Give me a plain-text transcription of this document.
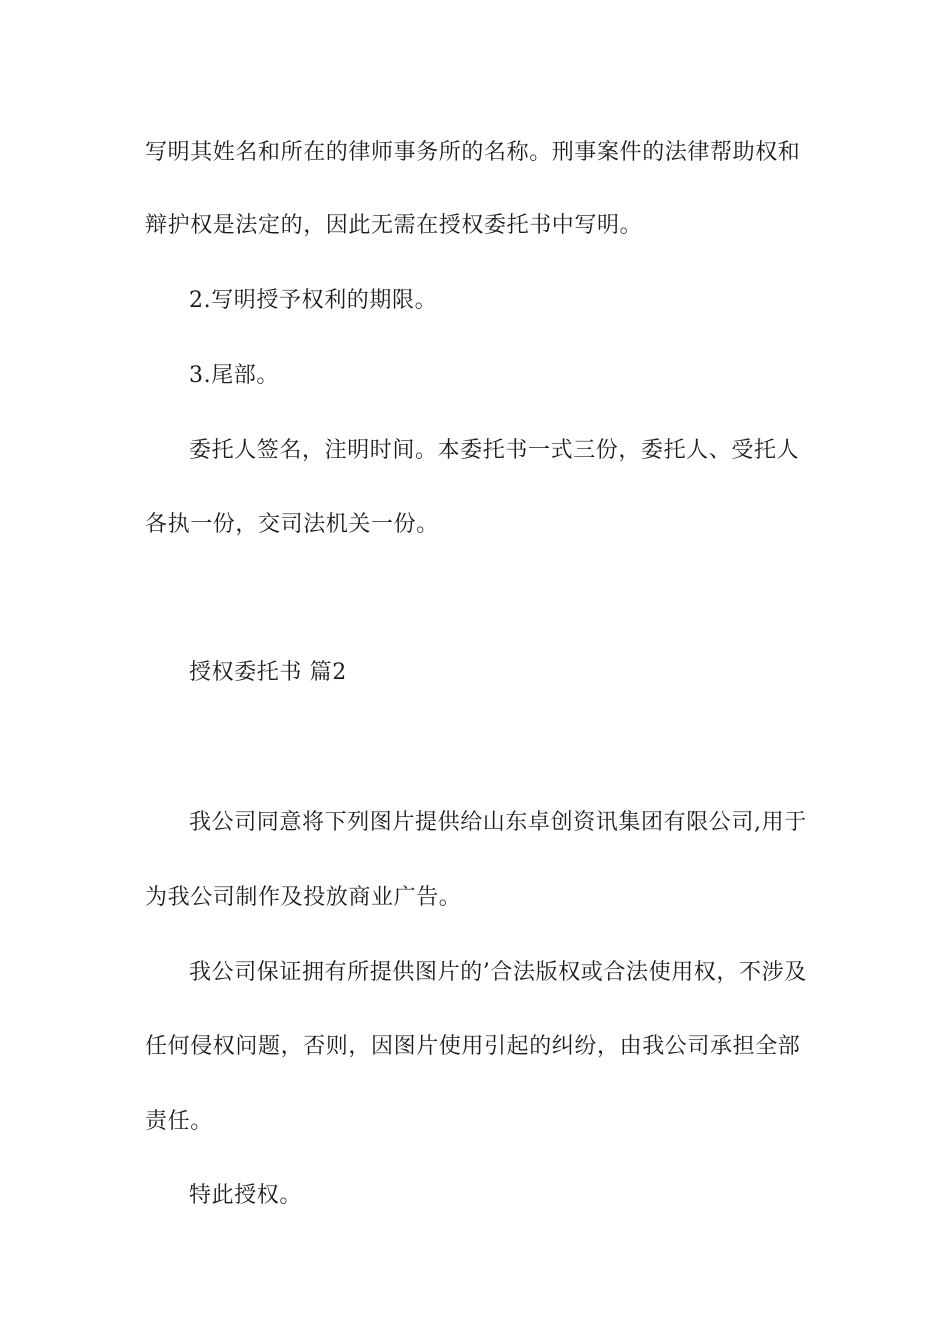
写明其姓名和所在的律师事务所的名称。刑事案件的法律帮助权和
辩护权是法定的，因此无需在授权委托书中写明。
2.写明授予权利的期限。
3.尾部。
委托人签名，注明时间。本委托书一式三份，委托人、受托人
各执一份，交司法机关一份。
授权委托书 篇2
我公司同意将下列图片提供给山东卓创资讯集团有限公司,用于
为我公司制作及投放商业广告。
我公司保证拥有所提供图片的’合法版权或合法使用权，不涉及
任何侵权问题，否则，因图片使用引起的纠纷，由我公司承担全部
责任。
特此授权。
